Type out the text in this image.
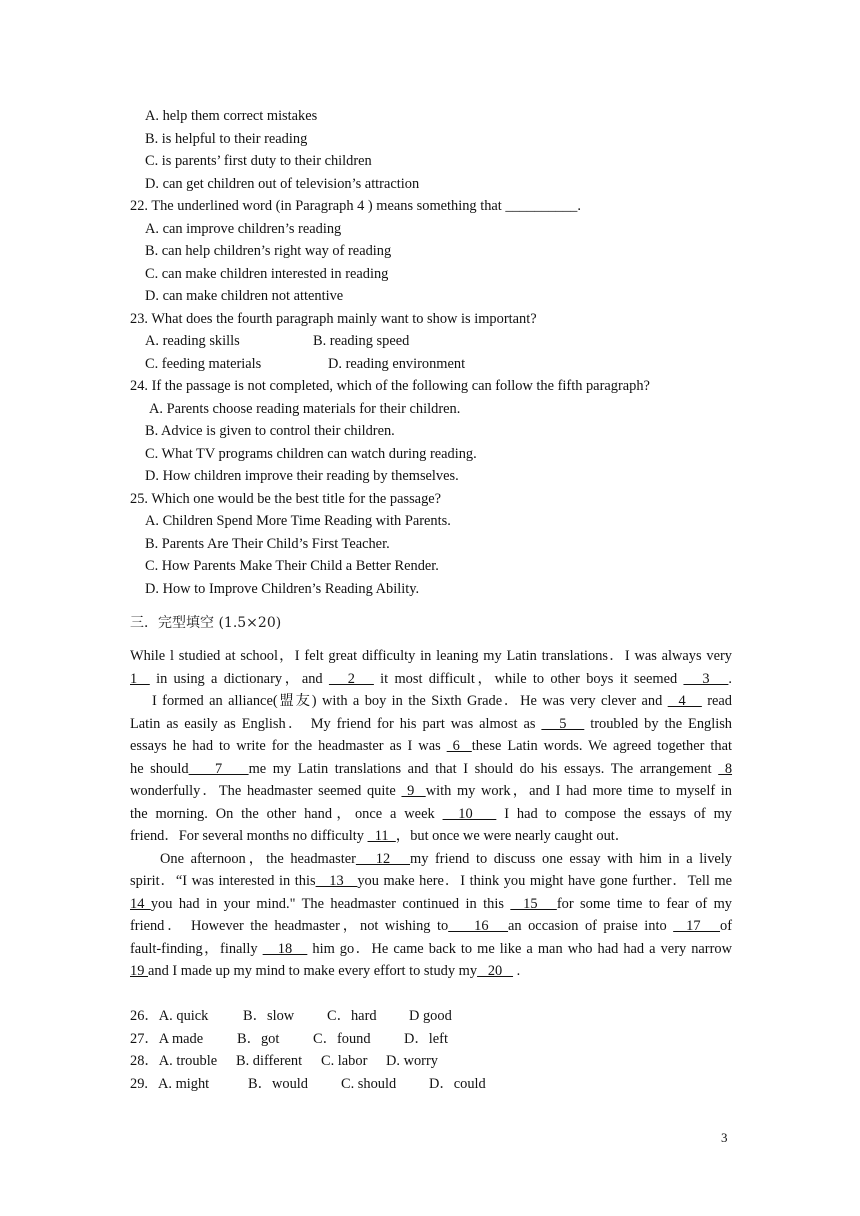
A. help them correct mistakes
B. is helpful to their reading
C. is parents’ first duty to their children
D. can get children out of television’s attraction
22. The underlined word (in Paragraph 4 ) means something that __________.
A. can improve children’s reading
B. can help children’s right way of reading
C. can make children interested in reading
D. can make children not attentive
23. What does the fourth paragraph mainly want to show is important?
A. reading skills	B. reading speed
C. feeding materials	D. reading environment
24. If the passage is not completed, which of the following can follow the fifth paragraph?
A. Parents choose reading materials for their children.
B. Advice is given to control their children.
C. What TV programs children can watch during reading.
D. How children improve their reading by themselves.
25. Which one would be the best title for the passage?
A. Children Spend More Time Reading with Parents.
B. Parents Are Their Child’s First Teacher.
C. How Parents Make Their Child a Better Render.
D. How to Improve Children’s Reading Ability.
三．完型填空 (1.5×20)
While l studied at school，I felt great difficulty in leaning my Latin translations．I was always very
1   in using a dictionary，and    2    it most difficult，while to other boys it seemed    3   .
I formed an alliance(盟友) with a boy in the Sixth Grade．He was very clever and   4    read
Latin as easily as English． My friend for his part was almost as    5    troubled by the English
essays he had to write for the headmaster as I was  6  these Latin words. We agreed together that
he should    7    me my Latin translations and that I should do his essays. The arrangement  8
wonderfully．The headmaster seemed quite  9  with my work，and I had more time to myself in
the morning. On the other hand，once a week   10    I had to compose the essays of my
friend．For several months no difficulty   11  ，but once we were nearly caught out．
One afternoon，the headmaster   12   my friend to discuss one essay with him in a lively
spirit．“I was interested in this   13   you make here．I think you might have gone further．Tell me
14 you had in your mind." The headmaster continued in this   15   for some time to fear of my
friend． However the headmaster，not wishing to    16   an occasion of praise into   17   of
fault-finding，finally    18    him go．He came back to me like a man who had had a very narrow
19 and I made up my mind to make every effort to study my   20    .
26．A. quick B．slow C．hard D good
27．A made B．got C．found D．left
28．A. trouble B. different C. labor D. worry
29.   A. might	B．would C. should D．could
3
